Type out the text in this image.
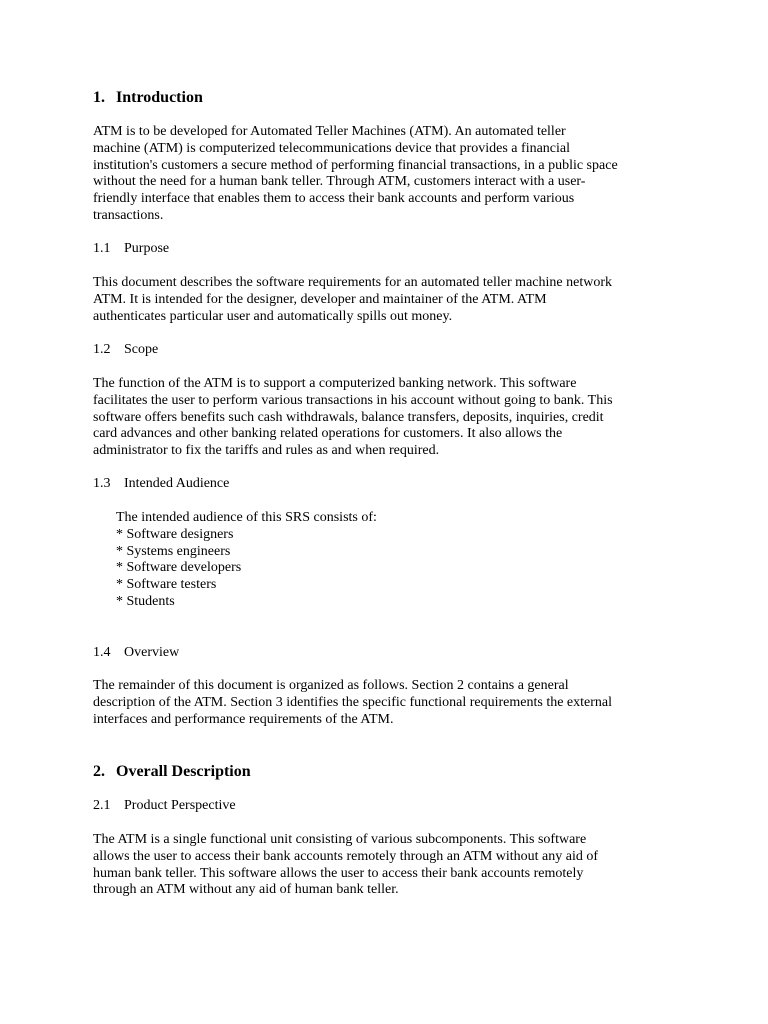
1. Introduction

ATM is to be developed for Automated Teller Machines (ATM). An automated teller
machine (ATM) is computerized telecommunications device that provides a financial
institution's customers a secure method of performing financial transactions, in a public space
without the need for a human bank teller. Through ATM, customers interact with a user-
friendly interface that enables them to access their bank accounts and perform various
transactions.

1.1 Purpose

This document describes the software requirements for an automated teller machine network
ATM. It is intended for the designer, developer and maintainer of the ATM. ATM
authenticates particular user and automatically spills out money.

1.2 Scope

The function of the ATM is to support a computerized banking network. This software
facilitates the user to perform various transactions in his account without going to bank. This
software offers benefits such cash withdrawals, balance transfers, deposits, inquiries, credit
card advances and other banking related operations for customers. It also allows the
administrator to fix the tariffs and rules as and when required.

1.3 Intended Audience
The intended audience of this SRS consists of:
* Software designers
* Systems engineers
* Software developers
* Software testers
* Students
1.4 Overview

The remainder of this document is organized as follows. Section 2 contains a general
description of the ATM. Section 3 identifies the specific functional requirements the external
interfaces and performance requirements of the ATM.

2. Overall Description
2.1 Product Perspective

The ATM is a single functional unit consisting of various subcomponents. This software
allows the user to access their bank accounts remotely through an ATM without any aid of
human bank teller. This software allows the user to access their bank accounts remotely
through an ATM without any aid of human bank teller.
